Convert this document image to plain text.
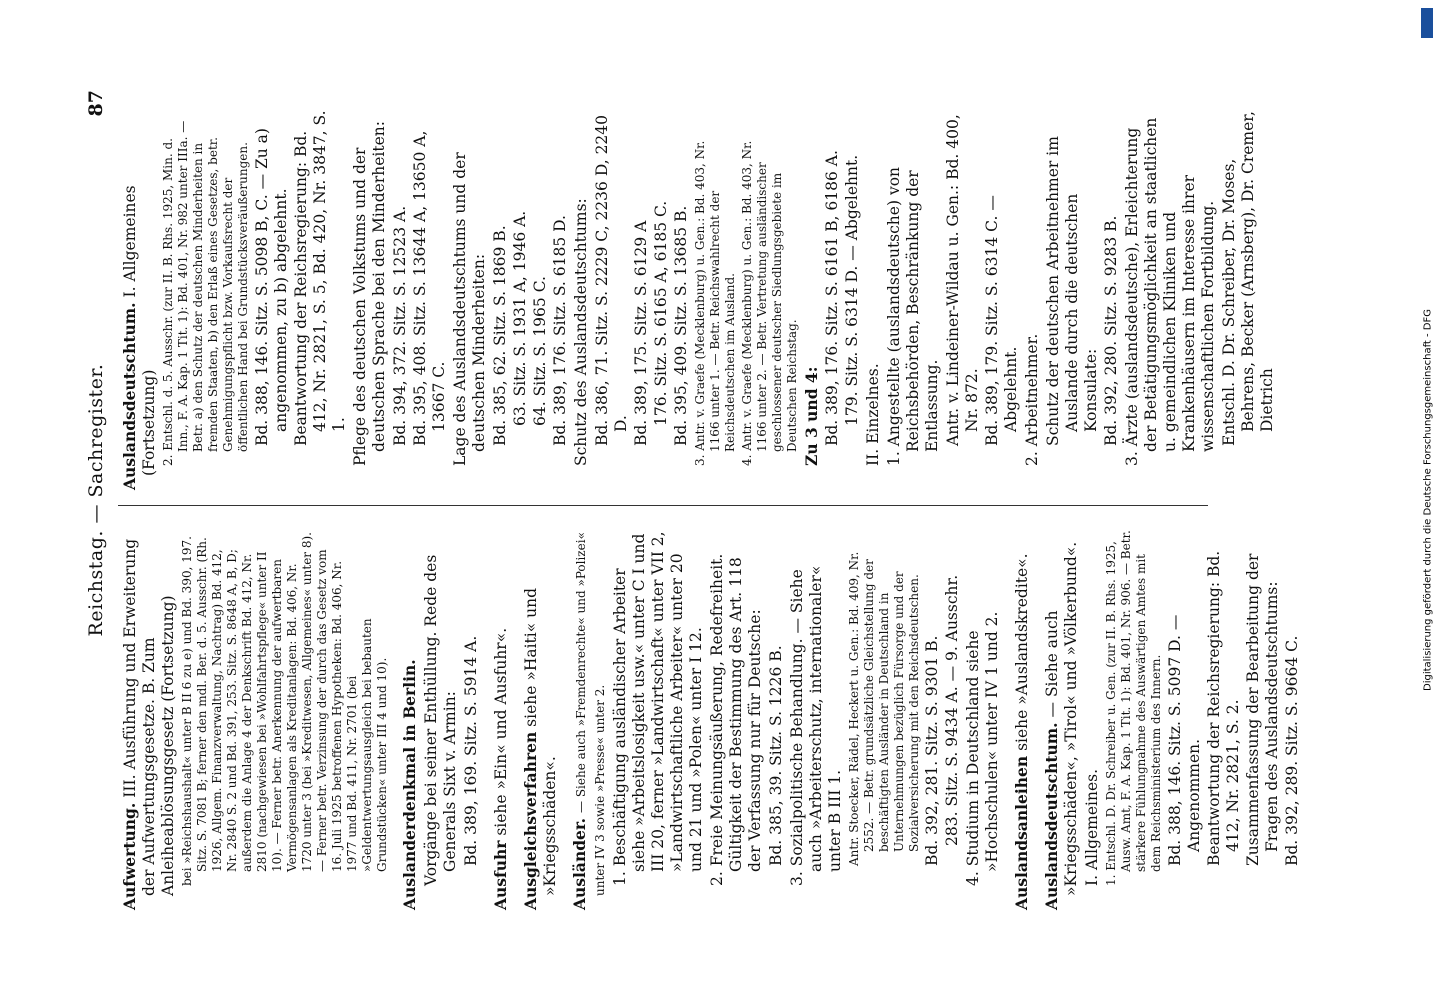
Reichstag. — Sachregister.
87
Aufwertung. III. Ausführung und Erweiterung der Aufwertungsgesetze. B. Zum Anleiheablösungsgesetz (Fortsetzung) bei »Reichshaushalt« unter B II 6 zu e) und Bd. 390, 197. Sitz. S. 7081 B; ferner den mdl. Ber. d. 5. Ausschr. (Rh. 1926, Allgem. Finanzverwaltung, Nachtrag) Bd. 412, Nr. 2840 S. 2 und Bd. 391, 253. Sitz. S. 8648 A, B, D; außerdem die Anlage 4 der Denkschrift Bd. 412, Nr. 2810 (nachgewiesen bei »Wohlfahrtspflege« unter II 10). — Ferner betr. Anerkennung der aufwertbaren Vermögensanlagen als Kreditanlagen: Bd. 406, Nr. 1720 unter 3 (bei »Kreditwesen, Allgemeines« unter 8). — Ferner betr. Verzinsung der durch das Gesetz vom 16. Juli 1925 betroffenen Hypotheken: Bd. 406, Nr. 1977 und Bd. 411, Nr. 2701 (bei »Geldentwertungsausgleich bei bebauten Grundstücken« unter III 4 und 10). Auslanderdenkmal in Berlin. Vorgänge bei seiner Enthüllung. Rede des Generals Sixt v. Armin: Bd. 389, 169. Sitz. S. 5914 A.
Ausfuhr siehe »Ein« und Ausfuhr«. Ausgleichsverfahren siehe »Haiti« und »Kriegsschäden«. Ausländer. — Siehe auch »Fremdenrechte« und »Polizei« unter IV 3 sowie »Presse« unter 2. 1. Beschäftigung ausländischer Arbeiter siehe »Arbeitslosigkeit usw.« unter C I und III 20, ferner »Landwirtschaft« unter VII 2, »Landwirtschaftliche Arbeiter« unter 20 und 21 und »Polen« unter I 12. 2. Freie Meinungsäußerung, Redefreiheit. Gültigkeit der Bestimmung des Art. 118 der Verfassung nur für Deutsche: Bd. 385, 39. Sitz. S. 1226 B. 3. Sozialpolitische Behandlung. — Siehe auch »Arbeiterschutz, internationaler« unter B III 1. Antr. Stoecker, Rädel, Heckert u. Gen.: Bd. 409, Nr. 2552. — Betr. grundsätzliche Gleichstellung der beschäftigten Ausländer in Deutschland in Unternehmungen bezüglich Fürsorge und der Sozialversicherung mit den Reichsdeutschen. Bd. 392, 281. Sitz. S. 9301 B. 283. Sitz. S. 9434 A. — 9. Ausschr. 4. Studium in Deutschland siehe »Hochschulen« unter IV 1 und 2. Auslandsanleihen siehe »Auslandskredite«.
Auslandsdeutschtum. — Siehe auch »Kriegsschäden«, »Tirol« und »Völkerbund«. I. Allgemeines. 1. Entschl. D. Dr. Schreiber u. Gen. (zur II. B. Rhs. 1925, Ausw. Amt, F. A. Kap. 1 Tit. 1): Bd. 401, Nr. 906. — Betr. stärkere Fühlungnahme des Auswärtigen Amtes mit dem Reichsministerium des Innern. Bd. 388, 146. Sitz. S. 5097 D. — Angenommen. Beantwortung der Reichsregierung: Bd. 412, Nr. 2821, S. 2. Zusammenfassung der Bearbeitung der Fragen des Auslandsdeutschtums: Bd. 392, 289. Sitz. S. 9664 C.
Auslandsdeutschtum. I. Allgemeines (Fortsetzung) 2. Entschl. d. 5. Ausschr. (zur II. B. Rhs. 1925, Min. d. Inn., F. A. Kap. 1 Tit. 1): Bd. 401, Nr. 982 unter IIIa. — Betr. a) den Schutz der deutschen Minderheiten in fremden Staaten, b) den Erlaß eines Gesetzes, betr. Genehmigungspflicht bzw. Vorkaufsrecht der öffentlichen Hand bei Grundstücksveräußerungen. Bd. 388, 146. Sitz. S. 5098 B, C. — Zu a) angenommen, zu b) abgelehnt. Beantwortung der Reichsregierung: Bd. 412, Nr. 2821, S. 5, Bd. 420, Nr. 3847, S. 1. Pflege des deutschen Volkstums und der deutschen Sprache bei den Minderheiten: Bd. 394, 372. Sitz. S. 12523 A. Bd. 395, 408. Sitz. S. 13644 A, 13650 A, 13667 C. Lage des Auslandsdeutschtums und der deutschen Minderheiten: Bd. 385, 62. Sitz. S. 1869 B. 63. Sitz. S. 1931 A, 1946 A. 64. Sitz. S. 1965 C. Bd. 389, 176. Sitz. S. 6185 D. Schutz des Auslandsdeutschtums: Bd. 386, 71. Sitz. S. 2229 C, 2236 D, 2240 D. Bd. 389, 175. Sitz. S. 6129 A 176. Sitz. S. 6165 A, 6185 C. Bd. 395, 409. Sitz. S. 13685 B. 3. Antr. v. Graefe (Mecklenburg) u. Gen.: Bd. 403, Nr. 1166 unter 1. — Betr. Reichswahlrecht der Reichsdeutschen im Ausland. 4. Antr. v. Graefe (Mecklenburg) u. Gen.: Bd. 403, Nr. 1166 unter 2. — Betr. Vertretung ausländischer geschlossener deutscher Siedlungsgebiete im Deutschen Reichstag. Zu 3 und 4: Bd. 389, 176. Sitz. S. 6161 B, 6186 A. 179. Sitz. S. 6314 D. — Abgelehnt. II. Einzelnes. 1. Angestellte (auslandsdeutsche) von Reichsbehörden, Beschränkung der Entlassung. Antr. v. Lindeiner-Wildau u. Gen.: Bd. 400, Nr. 872. Bd. 389, 179. Sitz. S. 6314 C. — Abgelehnt. 2. Arbeitnehmer. Schutz der deutschen Arbeitnehmer im Auslande durch die deutschen Konsulate: Bd. 392, 280. Sitz. S. 9283 B. 3. Ärzte (auslandsdeutsche), Erleichterung der Betätigungsmöglichkeit an staatlichen u. gemeindlichen Kliniken und Krankenhäusern im Interesse ihrer wissenschaftlichen Fortbildung. Entschl. D. Dr. Schreiber, Dr. Moses, Behrens, Becker (Arnsberg), Dr. Cremer, Dietrich	Digitalisierung gefördert durch die Deutsche Forschungsgemeinschaft - DFG
